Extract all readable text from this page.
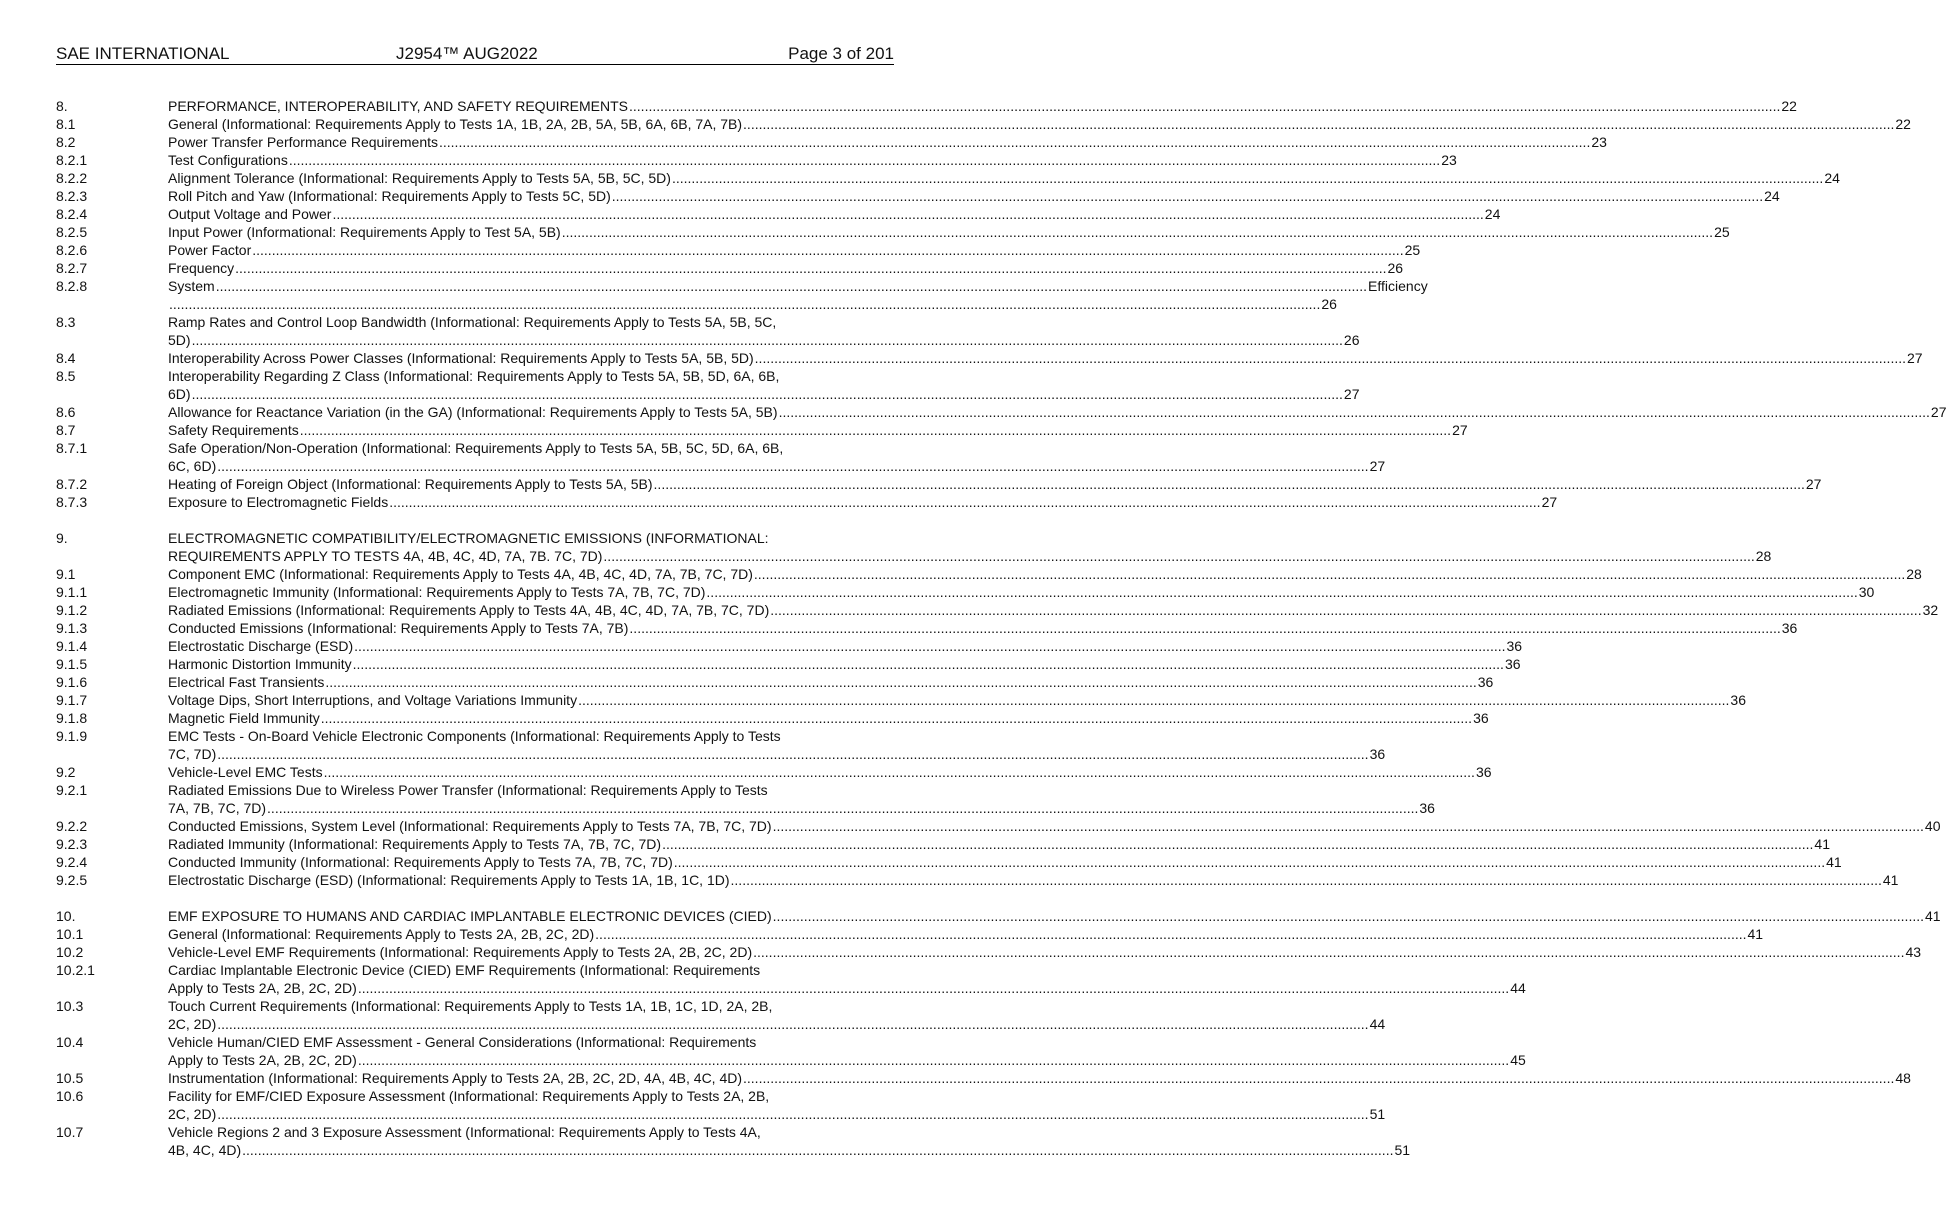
SAE INTERNATIONAL	J2954™ AUG2022	Page 3 of 201
8.	PERFORMANCE, INTEROPERABILITY, AND SAFETY REQUIREMENTS ........................................................................................................................................................................................................................................................................................................ 22
8.1	General (Informational: Requirements Apply to Tests 1A, 1B, 2A, 2B, 5A, 5B, 6A, 6B, 7A, 7B) ........................................................................................................................................................................................................................................................................................................ 22
8.2	Power Transfer Performance Requirements ........................................................................................................................................................................................................................................................................................................ 23
8.2.1	Test Configurations ........................................................................................................................................................................................................................................................................................................ 23
8.2.2	Alignment Tolerance (Informational: Requirements Apply to Tests 5A, 5B, 5C, 5D) ........................................................................................................................................................................................................................................................................................................ 24
8.2.3	Roll Pitch and Yaw (Informational: Requirements Apply to Tests 5C, 5D) ........................................................................................................................................................................................................................................................................................................ 24
8.2.4	Output Voltage and Power ........................................................................................................................................................................................................................................................................................................ 24
8.2.5	Input Power (Informational: Requirements Apply to Test 5A, 5B) ........................................................................................................................................................................................................................................................................................................ 25
8.2.6	Power Factor ........................................................................................................................................................................................................................................................................................................ 25
8.2.7	Frequency ........................................................................................................................................................................................................................................................................................................ 26
8.2.8	System ........................................................................................................................................................................................................................................................................................................ Efficiency
........................................................................................................................................................................................................................................................................................................ 26
8.3	Ramp Rates and Control Loop Bandwidth (Informational: Requirements Apply to Tests 5A, 5B, 5C,
5D) ........................................................................................................................................................................................................................................................................................................ 26
8.4	Interoperability Across Power Classes (Informational: Requirements Apply to Tests 5A, 5B, 5D) ........................................................................................................................................................................................................................................................................................................ 27
8.5	Interoperability Regarding Z Class (Informational: Requirements Apply to Tests 5A, 5B, 5D, 6A, 6B,
6D) ........................................................................................................................................................................................................................................................................................................ 27
8.6	Allowance for Reactance Variation (in the GA) (Informational: Requirements Apply to Tests 5A, 5B) ........................................................................................................................................................................................................................................................................................................ 27
8.7	Safety Requirements ........................................................................................................................................................................................................................................................................................................ 27
8.7.1	Safe Operation/Non-Operation (Informational: Requirements Apply to Tests 5A, 5B, 5C, 5D, 6A, 6B,
6C, 6D) ........................................................................................................................................................................................................................................................................................................ 27
8.7.2	Heating of Foreign Object (Informational: Requirements Apply to Tests 5A, 5B) ........................................................................................................................................................................................................................................................................................................ 27
8.7.3	Exposure to Electromagnetic Fields ........................................................................................................................................................................................................................................................................................................ 27
9.	ELECTROMAGNETIC COMPATIBILITY/ELECTROMAGNETIC EMISSIONS (INFORMATIONAL:
REQUIREMENTS APPLY TO TESTS 4A, 4B, 4C, 4D, 7A, 7B. 7C, 7D) ........................................................................................................................................................................................................................................................................................................ 28
9.1	Component EMC (Informational: Requirements Apply to Tests 4A, 4B, 4C, 4D, 7A, 7B, 7C, 7D) ........................................................................................................................................................................................................................................................................................................ 28
9.1.1	Electromagnetic Immunity (Informational: Requirements Apply to Tests 7A, 7B, 7C, 7D) ........................................................................................................................................................................................................................................................................................................ 30
9.1.2	Radiated Emissions (Informational: Requirements Apply to Tests 4A, 4B, 4C, 4D, 7A, 7B, 7C, 7D) ........................................................................................................................................................................................................................................................................................................ 32
9.1.3	Conducted Emissions (Informational: Requirements Apply to Tests 7A, 7B) ........................................................................................................................................................................................................................................................................................................ 36
9.1.4	Electrostatic Discharge (ESD) ........................................................................................................................................................................................................................................................................................................ 36
9.1.5	Harmonic Distortion Immunity ........................................................................................................................................................................................................................................................................................................ 36
9.1.6	Electrical Fast Transients ........................................................................................................................................................................................................................................................................................................ 36
9.1.7	Voltage Dips, Short Interruptions, and Voltage Variations Immunity ........................................................................................................................................................................................................................................................................................................ 36
9.1.8	Magnetic Field Immunity ........................................................................................................................................................................................................................................................................................................ 36
9.1.9	EMC Tests - On-Board Vehicle Electronic Components (Informational: Requirements Apply to Tests
7C, 7D) ........................................................................................................................................................................................................................................................................................................ 36
9.2	Vehicle-Level EMC Tests ........................................................................................................................................................................................................................................................................................................ 36
9.2.1	Radiated Emissions Due to Wireless Power Transfer (Informational: Requirements Apply to Tests
7A, 7B, 7C, 7D) ........................................................................................................................................................................................................................................................................................................ 36
9.2.2	Conducted Emissions, System Level (Informational: Requirements Apply to Tests 7A, 7B, 7C, 7D) ........................................................................................................................................................................................................................................................................................................ 40
9.2.3	Radiated Immunity (Informational: Requirements Apply to Tests 7A, 7B, 7C, 7D) ........................................................................................................................................................................................................................................................................................................ 41
9.2.4	Conducted Immunity (Informational: Requirements Apply to Tests 7A, 7B, 7C, 7D) ........................................................................................................................................................................................................................................................................................................ 41
9.2.5	Electrostatic Discharge (ESD) (Informational: Requirements Apply to Tests 1A, 1B, 1C, 1D) ........................................................................................................................................................................................................................................................................................................ 41
10.	EMF EXPOSURE TO HUMANS AND CARDIAC IMPLANTABLE ELECTRONIC DEVICES (CIED) ........................................................................................................................................................................................................................................................................................................ 41
10.1	General (Informational: Requirements Apply to Tests 2A, 2B, 2C, 2D) ........................................................................................................................................................................................................................................................................................................ 41
10.2	Vehicle-Level EMF Requirements (Informational: Requirements Apply to Tests 2A, 2B, 2C, 2D) ........................................................................................................................................................................................................................................................................................................ 43
10.2.1	Cardiac Implantable Electronic Device (CIED) EMF Requirements (Informational: Requirements
Apply to Tests 2A, 2B, 2C, 2D) ........................................................................................................................................................................................................................................................................................................ 44
10.3	Touch Current Requirements (Informational: Requirements Apply to Tests 1A, 1B, 1C, 1D, 2A, 2B,
2C, 2D) ........................................................................................................................................................................................................................................................................................................ 44
10.4	Vehicle Human/CIED EMF Assessment - General Considerations (Informational: Requirements
Apply to Tests 2A, 2B, 2C, 2D) ........................................................................................................................................................................................................................................................................................................ 45
10.5	Instrumentation (Informational: Requirements Apply to Tests 2A, 2B, 2C, 2D, 4A, 4B, 4C, 4D) ........................................................................................................................................................................................................................................................................................................ 48
10.6	Facility for EMF/CIED Exposure Assessment (Informational: Requirements Apply to Tests 2A, 2B,
2C, 2D) ........................................................................................................................................................................................................................................................................................................ 51
10.7	Vehicle Regions 2 and 3 Exposure Assessment (Informational: Requirements Apply to Tests 4A,
4B, 4C, 4D) ........................................................................................................................................................................................................................................................................................................ 51
